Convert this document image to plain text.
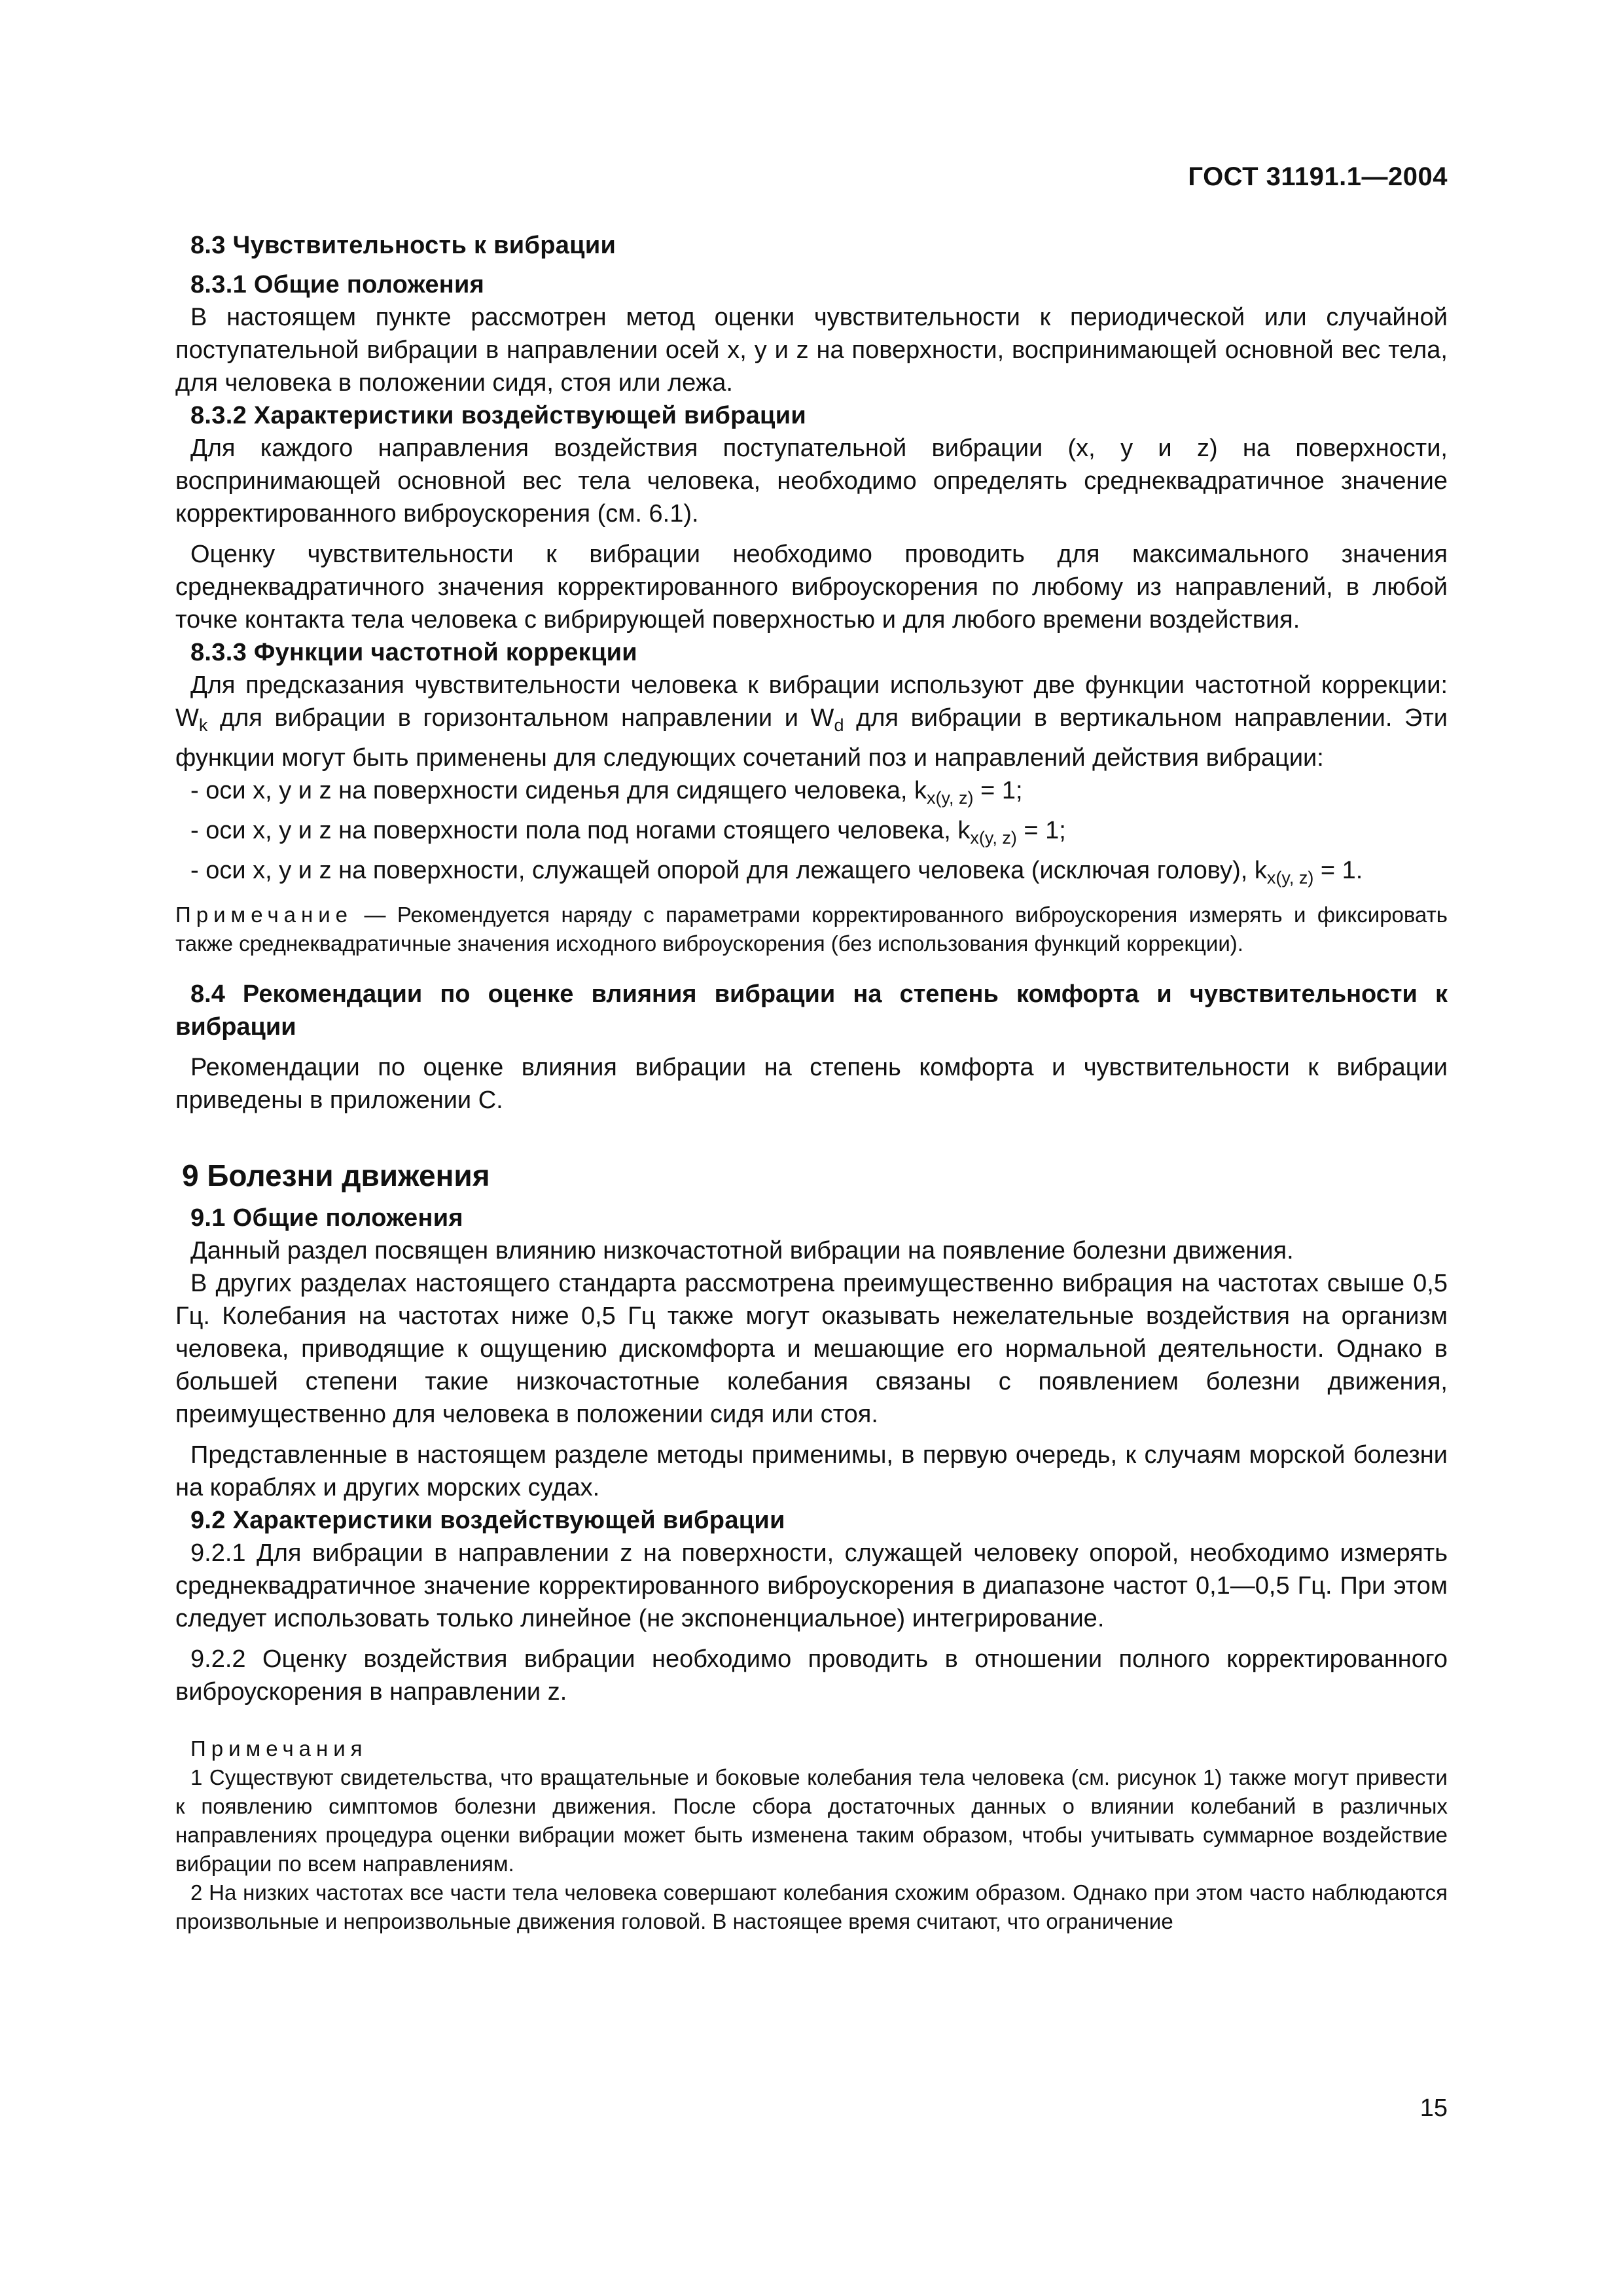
ГОСТ 31191.1—2004

8.3 Чувствительность к вибрации

8.3.1 Общие положения

В настоящем пункте рассмотрен метод оценки чувствительности к периодической или случайной поступательной вибрации в направлении осей x, y и z на поверхности, воспринимающей основной вес тела, для человека в положении сидя, стоя или лежа.

8.3.2 Характеристики воздействующей вибрации

Для каждого направления воздействия поступательной вибрации (x, y и z) на поверхности, воспринимающей основной вес тела человека, необходимо определять среднеквадратичное значение корректированного виброускорения (см. 6.1).

Оценку чувствительности к вибрации необходимо проводить для максимального значения среднеквадратичного значения корректированного виброускорения по любому из направлений, в любой точке контакта тела человека с вибрирующей поверхностью и для любого времени воздействия.

8.3.3 Функции частотной коррекции

Для предсказания чувствительности человека к вибрации используют две функции частотной коррекции: $W_k$ для вибрации в горизонтальном направлении и $W_d$ для вибрации в вертикальном направлении. Эти функции могут быть применены для следующих сочетаний поз и направлений действия вибрации:

- оси x, y и z на поверхности сиденья для сидящего человека, $k_{x(y, z)} = 1$;

- оси x, y и z на поверхности пола под ногами стоящего человека, $k_{x(y, z)} = 1$;

- оси x, y и z на поверхности, служащей опорой для лежащего человека (исключая голову), $k_{x(y, z)} = 1$.

Примечание — Рекомендуется наряду с параметрами корректированного виброускорения измерять и фиксировать также среднеквадратичные значения исходного виброускорения (без использования функций коррекции).

8.4 Рекомендации по оценке влияния вибрации на степень комфорта и чувствительности к вибрации

Рекомендации по оценке влияния вибрации на степень комфорта и чувствительности к вибрации приведены в приложении С.

9 Болезни движения

9.1 Общие положения

Данный раздел посвящен влиянию низкочастотной вибрации на появление болезни движения.

В других разделах настоящего стандарта рассмотрена преимущественно вибрация на частотах свыше 0,5 Гц. Колебания на частотах ниже 0,5 Гц также могут оказывать нежелательные воздействия на организм человека, приводящие к ощущению дискомфорта и мешающие его нормальной деятельности. Однако в большей степени такие низкочастотные колебания связаны с появлением болезни движения, преимущественно для человека в положении сидя или стоя.

Представленные в настоящем разделе методы применимы, в первую очередь, к случаям морской болезни на кораблях и других морских судах.

9.2 Характеристики воздействующей вибрации

9.2.1 Для вибрации в направлении z на поверхности, служащей человеку опорой, необходимо измерять среднеквадратичное значение корректированного виброускорения в диапазоне частот 0,1—0,5 Гц. При этом следует использовать только линейное (не экспоненциальное) интегрирование.

9.2.2 Оценку воздействия вибрации необходимо проводить в отношении полного корректированного виброускорения в направлении z.

Примечания

1 Существуют свидетельства, что вращательные и боковые колебания тела человека (см. рисунок 1) также могут привести к появлению симптомов болезни движения. После сбора достаточных данных о влиянии колебаний в различных направлениях процедура оценки вибрации может быть изменена таким образом, чтобы учитывать суммарное воздействие вибрации по всем направлениям.

2 На низких частотах все части тела человека совершают колебания схожим образом. Однако при этом часто наблюдаются произвольные и непроизвольные движения головой. В настоящее время считают, что ограничение

15
